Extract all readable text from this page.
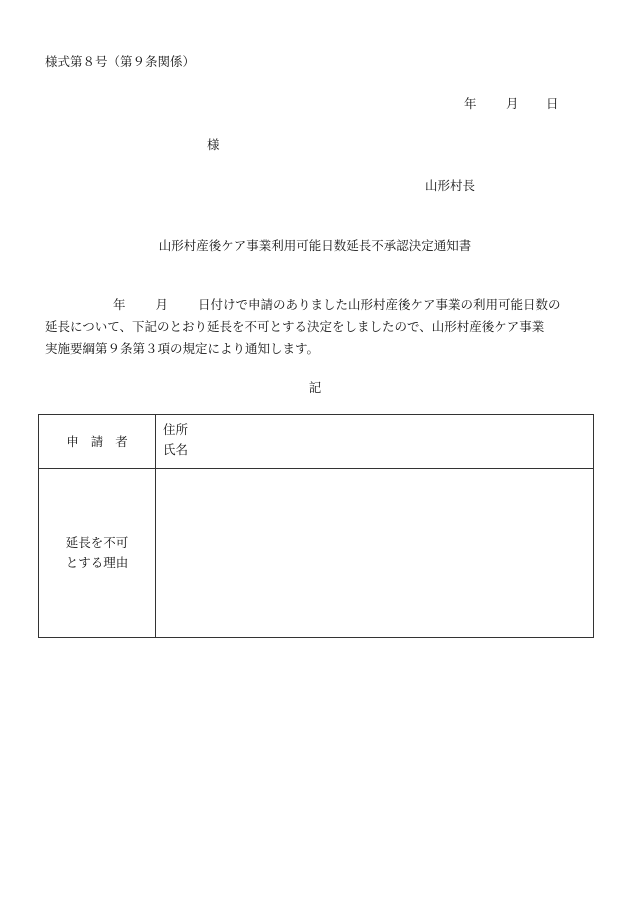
様式第８号（第９条関係）
年 月 日
様
山形村長
山形村産後ケア事業利用可能日数延長不承認決定通知書
年 月 日付けで申請のありました山形村産後ケア事業の利用可能日数の
延長について、下記のとおり延長を不可とする決定をしましたので、山形村産後ケア事業
実施要綱第９条第３項の規定により通知します。
記
申請者	住所
氏名

延長を不可
とする理由	
